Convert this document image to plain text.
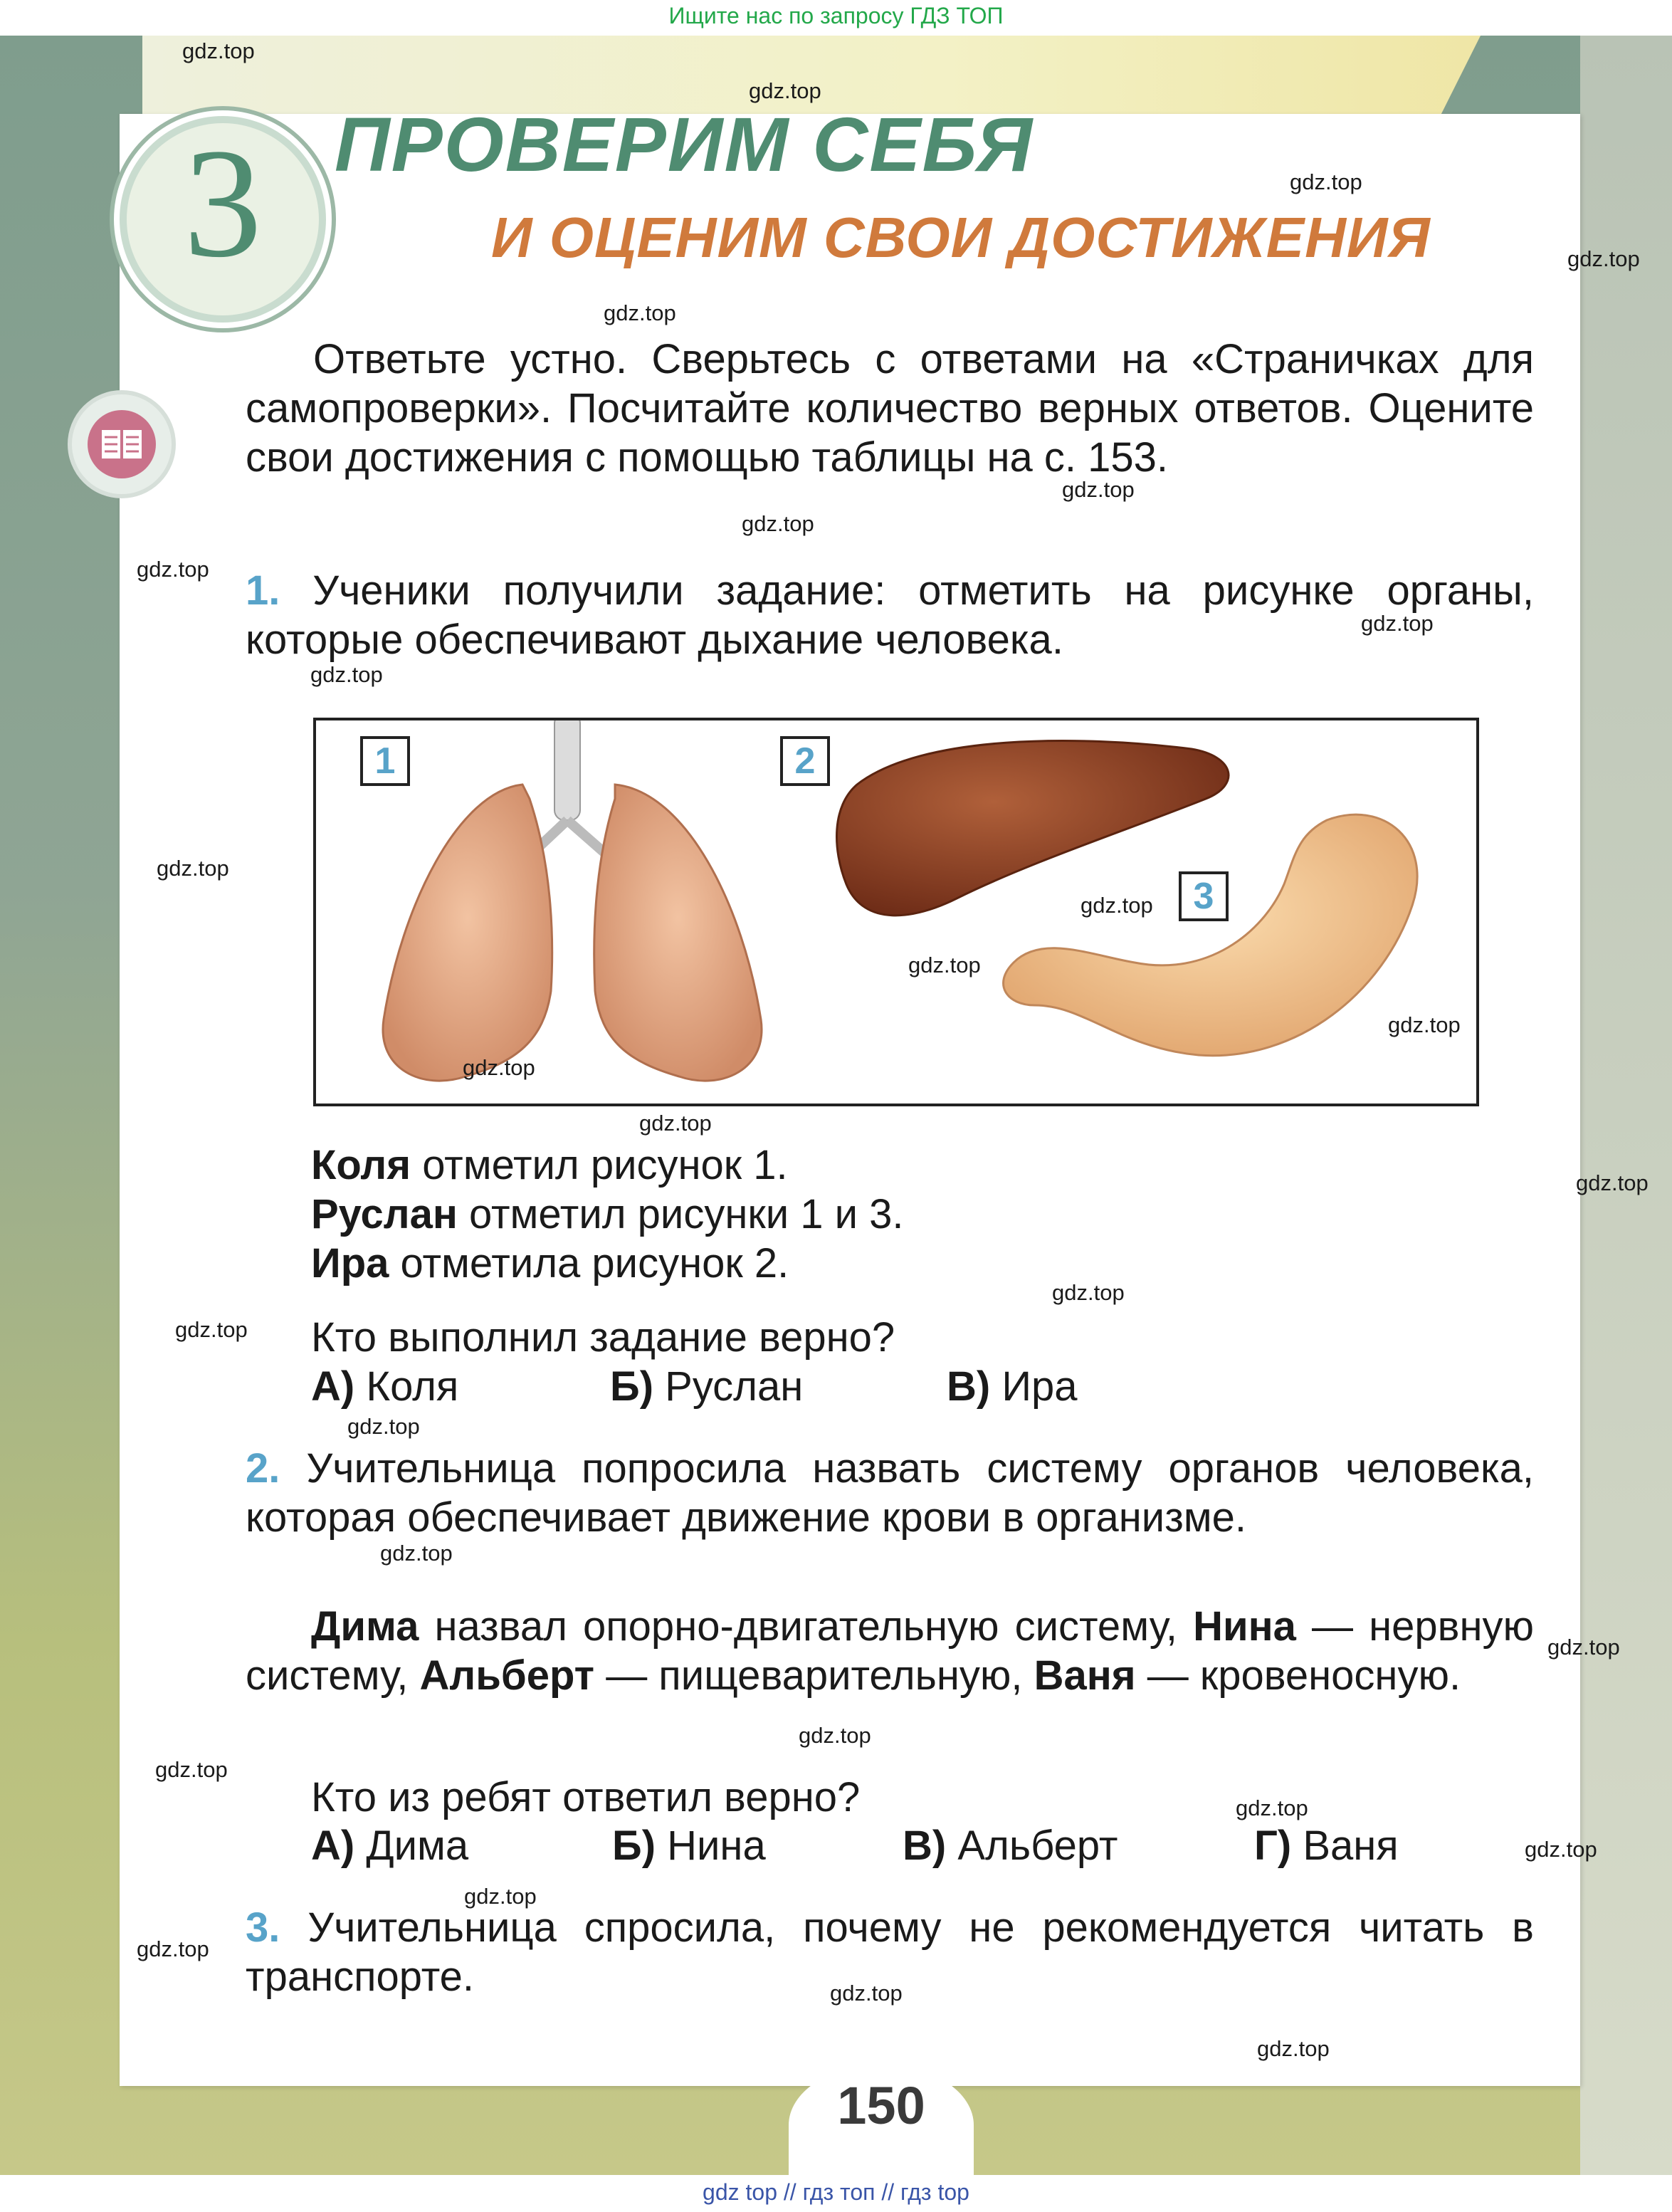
Ищите нас по запросу ГДЗ ТОП
ПРОВЕРИМ СЕБЯ
И ОЦЕНИМ СВОИ ДОСТИЖЕНИЯ
3
Ответьте устно. Сверьтесь с ответами на «Страничках для самопроверки». Посчитайте количество верных ответов. Оцените свои достижения с помощью таблицы на с. 153.
1. Ученики получили задание: отметить на рисунке органы, которые обеспечивают дыхание человека.
1	2
3
Коля отметил рисунок 1.
Руслан отметил рисунки 1 и 3.
Ира отметила рисунок 2.
Кто выполнил задание верно?
А) Коля	Б) Руслан	В) Ира
2. Учительница попросила назвать систему органов человека, которая обеспечивает движение крови в организме.
Дима назвал опорно-двигательную систему, Нина — нервную систему, Альберт — пищеварительную, Ваня — кровеносную.
Кто из ребят ответил верно?
А) Дима	Б) Нина	В) Альберт	Г) Ваня
3. Учительница спросила, почему не рекомендуется читать в транспорте.
150
gdz.top
gdz.top
gdz.top
gdz.top
gdz.top
gdz.top
gdz.top
gdz.top
gdz.top
gdz.top
gdz.top
gdz.top
gdz.top
gdz.top
gdz.top
gdz.top
gdz.top
gdz.top
gdz.top
gdz.top
gdz.top
gdz.top
gdz.top
gdz.top
gdz.top
gdz.top
gdz.top
gdz.top
gdz.top
gdz.top
gdz top // гдз топ // гдз top
